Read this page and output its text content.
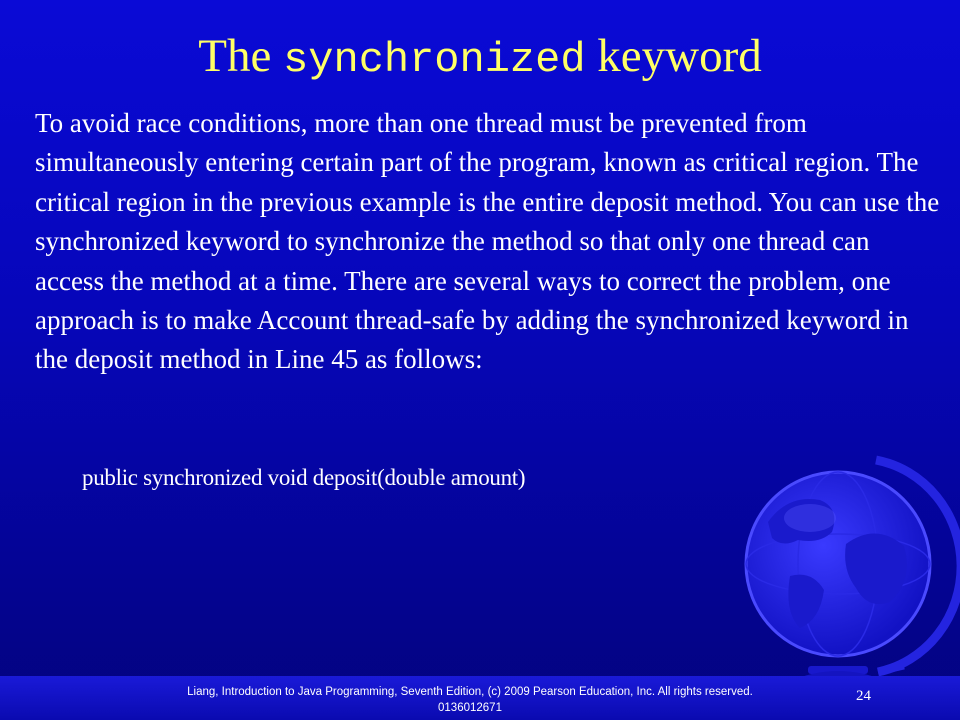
The synchronized keyword
To avoid race conditions, more than one thread must be prevented from simultaneously entering certain part of the program, known as critical region. The critical region in the previous example is the entire deposit method. You can use the synchronized keyword to synchronize the method so that only one thread can access the method at a time. There are several ways to correct the problem, one approach is to make Account thread-safe by adding the synchronized keyword in the deposit method in Line 45 as follows:
public synchronized void deposit(double amount)
Liang, Introduction to Java Programming, Seventh Edition, (c) 2009 Pearson Education, Inc. All rights reserved. 0136012671
24
